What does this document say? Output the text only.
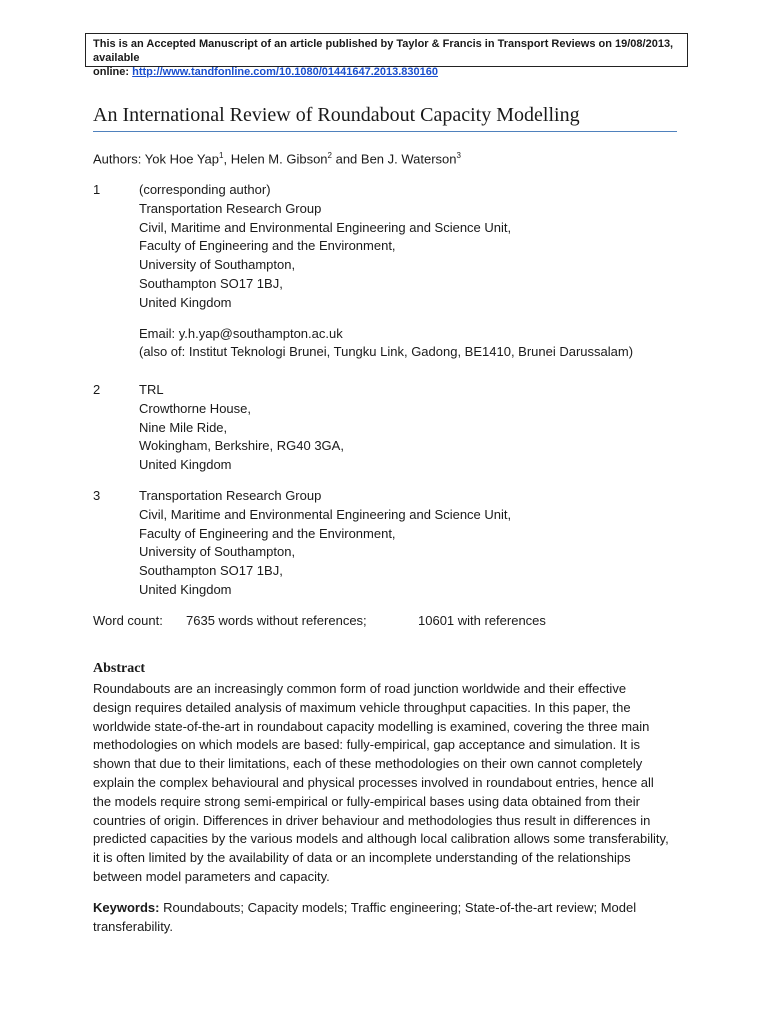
This is an Accepted Manuscript of an article published by Taylor & Francis in Transport Reviews on 19/08/2013, available
online: http://www.tandfonline.com/10.1080/01441647.2013.830160
An International Review of Roundabout Capacity Modelling
Authors: Yok Hoe Yap$^1$, Helen M. Gibson$^2$ and Ben J. Waterson$^3$
1	(corresponding author)
Transportation Research Group
Civil, Maritime and Environmental Engineering and Science Unit,
Faculty of Engineering and the Environment,
University of Southampton,
Southampton SO17 1BJ,
United Kingdom
Email: y.h.yap@southampton.ac.uk
(also of: Institut Teknologi Brunei, Tungku Link, Gadong, BE1410, Brunei Darussalam)
2	TRL
Crowthorne House,
Nine Mile Ride,
Wokingham, Berkshire, RG40 3GA,
United Kingdom
3	Transportation Research Group
Civil, Maritime and Environmental Engineering and Science Unit,
Faculty of Engineering and the Environment,
University of Southampton,
Southampton SO17 1BJ,
United Kingdom
Word count: 7635 words without references;	10601 with references
Abstract
Roundabouts are an increasingly common form of road junction worldwide and their effective
design requires detailed analysis of maximum vehicle throughput capacities. In this paper, the
worldwide state-of-the-art in roundabout capacity modelling is examined, covering the three main
methodologies on which models are based: fully-empirical, gap acceptance and simulation. It is
shown that due to their limitations, each of these methodologies on their own cannot completely
explain the complex behavioural and physical processes involved in roundabout entries, hence all
the models require strong semi-empirical or fully-empirical bases using data obtained from their
countries of origin. Differences in driver behaviour and methodologies thus result in differences in
predicted capacities by the various models and although local calibration allows some transferability,
it is often limited by the availability of data or an incomplete understanding of the relationships
between model parameters and capacity.
Keywords: Roundabouts; Capacity models; Traffic engineering; State-of-the-art review; Model transferability.
